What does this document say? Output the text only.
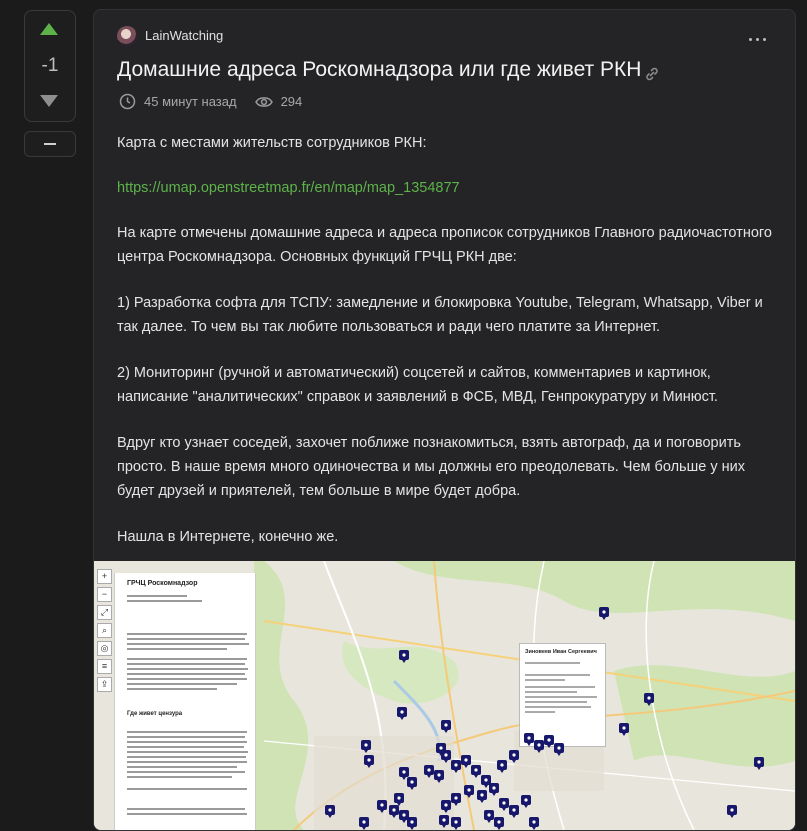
-1
LainWatching
Домашние адреса Роскомнадзора или где живет РКН
45 минут назад	294

Карта с местами жительств сотрудников РКН:

https://umap.openstreetmap.fr/en/map/map_1354877

На карте отмечены домашние адреса и адреса прописок сотрудников Главного радиочастотного центра Роскомнадзора. Основных функций ГРЧЦ РКН две:

1) Разработка софта для ТСПУ: замедление и блокировка Youtube, Telegram, Whatsapp, Viber и так далее. То чем вы так любите пользоваться и ради чего платите за Интернет.

2) Мониторинг (ручной и автоматический) соцсетей и сайтов, комментариев и картинок, написание "аналитических" справок и заявлений в ФСБ, МВД, Генпрокуратуру и Минюст.

Вдруг кто узнает соседей, захочет поближе познакомиться, взять автограф, да и поговорить просто. В наше время много одиночества и мы должны его преодолевать. Чем больше у них будет друзей и приятелей, тем больше в мире будет добра.

Нашла в Интернете, конечно же.

ГРЧЦ Роскомнадзор
Где живет цензура
+
−
⤢
⌕
◎
≡
⇪
Зиновеев Иван Сергеевич
